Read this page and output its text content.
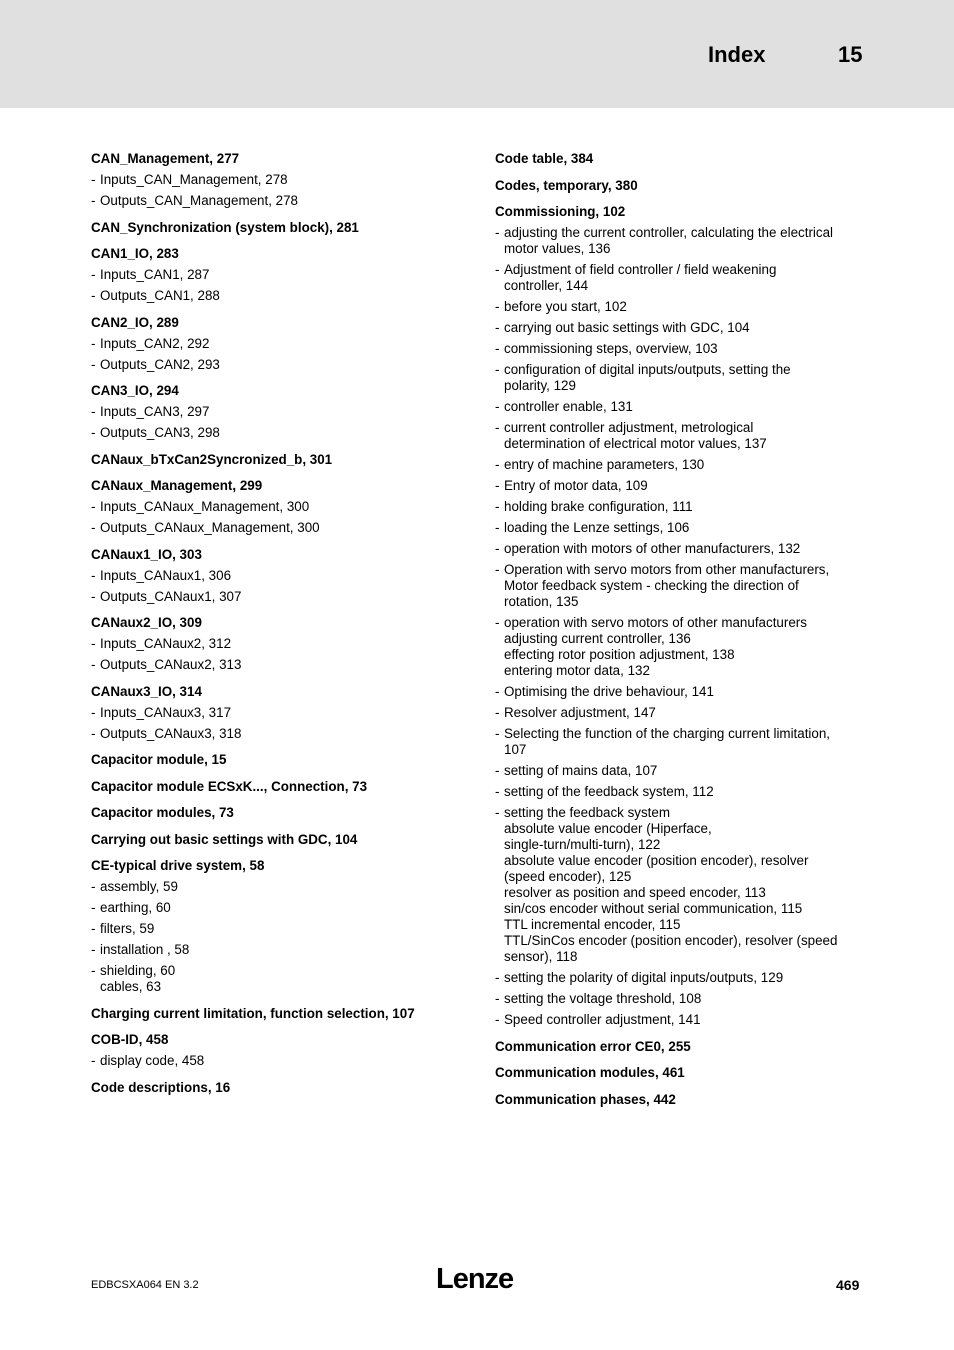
Index	15
CAN_Management, 277
- Inputs_CAN_Management, 278
- Outputs_CAN_Management, 278
CAN_Synchronization (system block), 281
CAN1_IO, 283
- Inputs_CAN1, 287
- Outputs_CAN1, 288
CAN2_IO, 289
- Inputs_CAN2, 292
- Outputs_CAN2, 293
CAN3_IO, 294
- Inputs_CAN3, 297
- Outputs_CAN3, 298
CANaux_bTxCan2Syncronized_b, 301
CANaux_Management, 299
- Inputs_CANaux_Management, 300
- Outputs_CANaux_Management, 300
CANaux1_IO, 303
- Inputs_CANaux1, 306
- Outputs_CANaux1, 307
CANaux2_IO, 309
- Inputs_CANaux2, 312
- Outputs_CANaux2, 313
CANaux3_IO, 314
- Inputs_CANaux3, 317
- Outputs_CANaux3, 318
Capacitor module, 15
Capacitor module ECSxK..., Connection, 73
Capacitor modules, 73
Carrying out basic settings with GDC, 104
CE-typical drive system, 58
- assembly, 59
- earthing, 60
- filters, 59
- installation , 58
- shielding, 60
cables, 63
Charging current limitation, function selection, 107
COB-ID, 458
- display code, 458
Code descriptions, 16
Code table, 384
Codes, temporary, 380
Commissioning, 102
- adjusting the current controller, calculating the electrical
motor values, 136
- Adjustment of field controller / field weakening
controller, 144
- before you start, 102
- carrying out basic settings with GDC, 104
- commissioning steps, overview, 103
- configuration of digital inputs/outputs, setting the
polarity, 129
- controller enable, 131
- current controller adjustment, metrological
determination of electrical motor values, 137
- entry of machine parameters, 130
- Entry of motor data, 109
- holding brake configuration, 111
- loading the Lenze settings, 106
- operation with motors of other manufacturers, 132
- Operation with servo motors from other manufacturers,
Motor feedback system - checking the direction of
rotation, 135
- operation with servo motors of other manufacturers
adjusting current controller, 136
effecting rotor position adjustment, 138
entering motor data, 132
- Optimising the drive behaviour, 141
- Resolver adjustment, 147
- Selecting the function of the charging current limitation,
107
- setting of mains data, 107
- setting of the feedback system, 112
- setting the feedback system
absolute value encoder (Hiperface,
single-turn/multi-turn), 122
absolute value encoder (position encoder), resolver
(speed encoder), 125
resolver as position and speed encoder, 113
sin/cos encoder without serial communication, 115
TTL incremental encoder, 115
TTL/SinCos encoder (position encoder), resolver (speed
sensor), 118
- setting the polarity of digital inputs/outputs, 129
- setting the voltage threshold, 108
- Speed controller adjustment, 141
Communication error CE0, 255
Communication modules, 461
Communication phases, 442
EDBCSXA064 EN 3.2	Lenze	469
